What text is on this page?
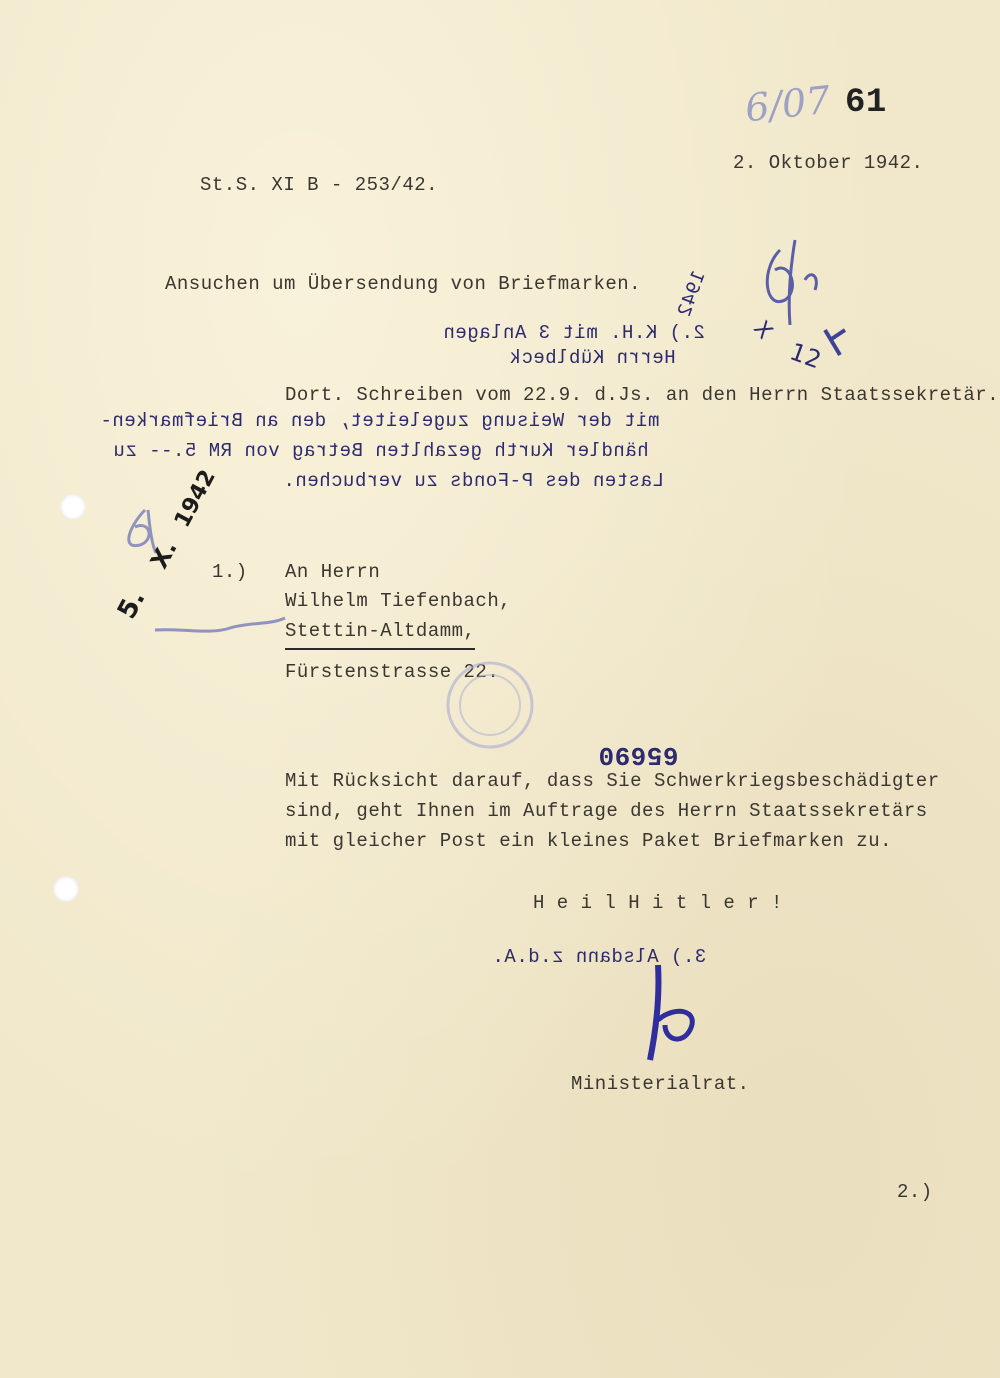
6/07 61
2. Oktober 1942.
St.S. XI B - 253/42.
Ansuchen um Übersendung von Briefmarken. 1942
X
12
2.) K.H. mit 3 Anlagen
Herrn Küblbeck
Dort. Schreiben vom 22.9. d.Js. an den Herrn Staatssekretär.
mit der Weisung zugeleitet, den an Briefmarken-
händler Kurth gezahlten Betrag von RM 5.-- zu
Lasten des P-Fonds zu verbuchen.
1942
X.
5.
1.) An Herrn
Wilhelm Tiefenbach,
Stettin-Altdamm,
Fürstenstrasse 22.
65690
Mit Rücksicht darauf, dass Sie Schwerkriegsbeschädigter
sind, geht Ihnen im Auftrage des Herrn Staatssekretärs
mit gleicher Post ein kleines Paket Briefmarken zu.
H e i l H i t l e r !
3.) Alsdann z.d.A.
Ministerialrat.
2.)
